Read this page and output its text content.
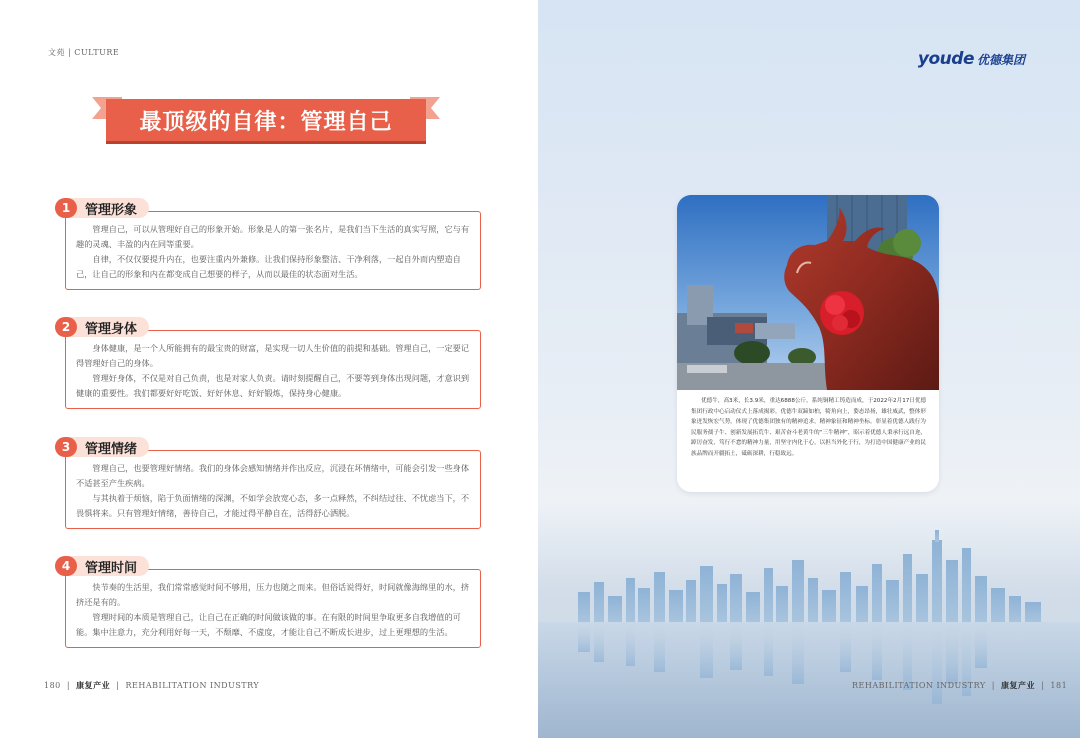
文苑 | CULTURE
最顶级的自律：管理自己

管理自己，可以从管理好自己的形象开始。形象是人的第一张名片，是我们当下生活的真实写照，它与有趣的灵魂、丰盈的内在同等重要。

自律，不仅仅要提升内在，也要注重内外兼修。让我们保持形象整洁、干净利落，一起自外而内塑造自己，让自己的形象和内在都变成自己想要的样子，从而以最佳的状态面对生活。

1	管理形象

身体健康，是一个人所能拥有的最宝贵的财富，是实现一切人生价值的前提和基础。管理自己，一定要记得管理好自己的身体。

管理好身体，不仅是对自己负责，也是对家人负责。请时刻提醒自己，不要等到身体出现问题，才意识到健康的重要性。我们都要好好吃饭、好好休息、好好锻炼，保持身心健康。

2	管理身体

管理自己，也要管理好情绪。我们的身体会感知情绪并作出反应，沉浸在坏情绪中，可能会引发一些身体不适甚至产生疾病。

与其执着于烦恼，陷于负面情绪的深渊，不如学会放宽心态，多一点释然，不纠结过往、不忧虑当下，不畏惧将来。只有管理好情绪，善待自己，才能过得平静自在，活得舒心洒脱。

3	管理情绪

快节奏的生活里，我们常常感觉时间不够用，压力也随之而来。但俗话说得好，时间就像海绵里的水，挤挤还是有的。

管理时间的本质是管理自己，让自己在正确的时间做该做的事。在有限的时间里争取更多自我增值的可能。集中注意力，充分利用好每一天，不颓靡、不虚度，才能让自己不断成长进步，过上更理想的生活。

4	管理时间
180  |  康复产业  |  REHABILITATION INDUSTRY
youde 优德集团
REHABILITATION INDUSTRY  |  康复产业  |  181
优德牛，高3米，长3.9米，重达6888公斤，系纯铜精工铸造而成，于2022年2月17日优德集团行政中心启动仪式上落成揭彩。优德牛双蹄如柏，犄角向上，姿态昂扬，雄壮威武，整体形象迸发恢宏气势，体现了优德集团独有的精神追求，精神象征和精神坐标。彰显着优德人践行为民服务孺子牛、创新发展拓荒牛、艰苦奋斗老黄牛的“三牛精神”，昭示着优德人秉承行远自迩，踔厉奋发，笃行不怠的精神力量，用坚守内化于心，以担当外化于行，为打造中国健康产业的民族品牌而开疆拓土，砥砺深耕，行稳致远。
